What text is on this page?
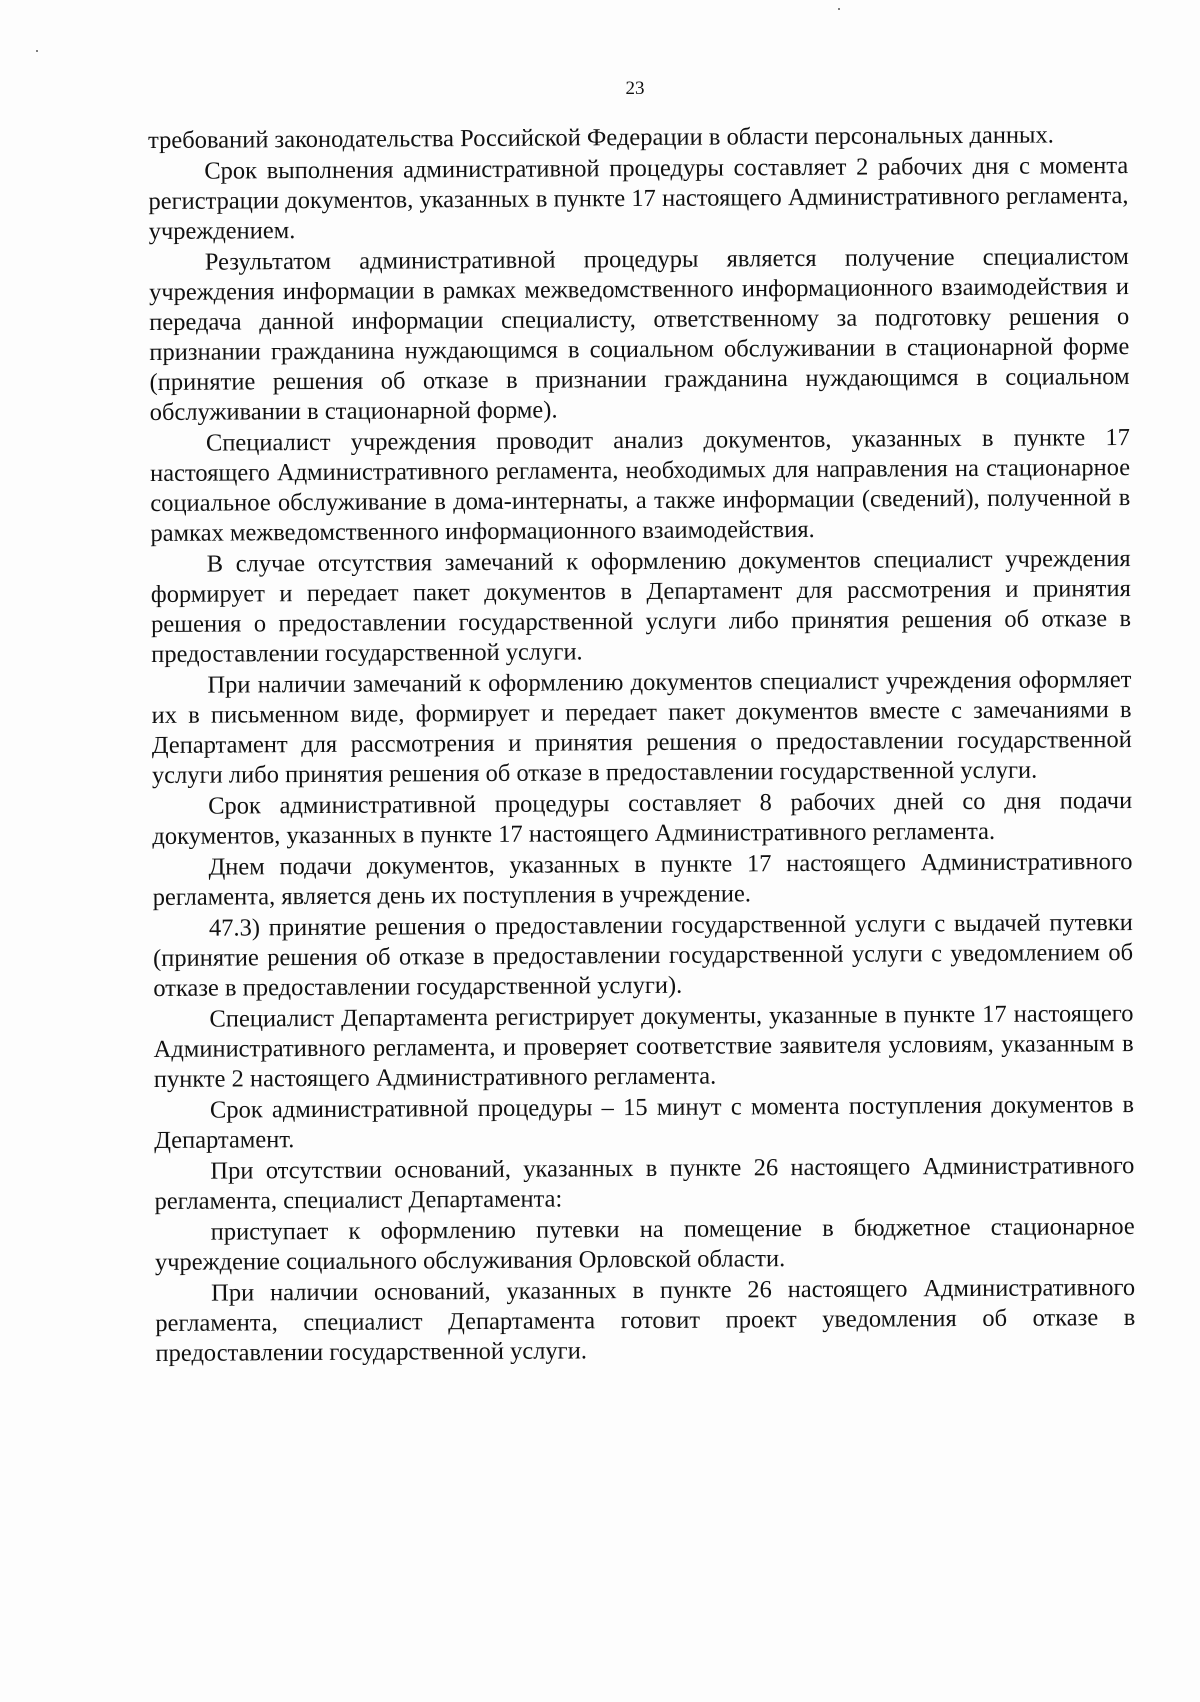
23

требований законодательства Российской Федерации в области персональных данных.

Срок выполнения административной процедуры составляет 2 рабочих дня с момента регистрации документов, указанных в пункте 17 настоящего Административного регламента, учреждением.

Результатом административной процедуры является получение специалистом учреждения информации в рамках межведомственного информационного взаимодействия и передача данной информации специалисту, ответственному за подготовку решения о признании гражданина нуждающимся в социальном обслуживании в стационарной форме (принятие решения об отказе в признании гражданина нуждающимся в социальном обслуживании в стационарной форме).

Специалист учреждения проводит анализ документов, указанных в пункте 17 настоящего Административного регламента, необходимых для направления на стационарное социальное обслуживание в дома-интернаты, а также информации (сведений), полученной в рамках межведомственного информационного взаимодействия.

В случае отсутствия замечаний к оформлению документов специалист учреждения формирует и передает пакет документов в Департамент для рассмотрения и принятия решения о предоставлении государственной услуги либо принятия решения об отказе в предоставлении государственной услуги.

При наличии замечаний к оформлению документов специалист учреждения оформляет их в письменном виде, формирует и передает пакет документов вместе с замечаниями в Департамент для рассмотрения и принятия решения о предоставлении государственной услуги либо принятия решения об отказе в предоставлении государственной услуги.

Срок административной процедуры составляет 8 рабочих дней со дня подачи документов, указанных в пункте 17 настоящего Административного регламента.

Днем подачи документов, указанных в пункте 17 настоящего Административного регламента, является день их поступления в учреждение.

47.3) принятие решения о предоставлении государственной услуги с выдачей путевки (принятие решения об отказе в предоставлении государственной услуги с уведомлением об отказе в предоставлении государственной услуги).

Специалист Департамента регистрирует документы, указанные в пункте 17 настоящего Административного регламента, и проверяет соответствие заявителя условиям, указанным в пункте 2 настоящего Административного регламента.

Срок административной процедуры – 15 минут с момента поступления документов в Департамент.

При отсутствии оснований, указанных в пункте 26 настоящего Административного регламента, специалист Департамента:

приступает к оформлению путевки на помещение в бюджетное стационарное учреждение социального обслуживания Орловской области.

При наличии оснований, указанных в пункте 26 настоящего Административного регламента, специалист Департамента готовит проект уведомления об отказе в предоставлении государственной услуги.
